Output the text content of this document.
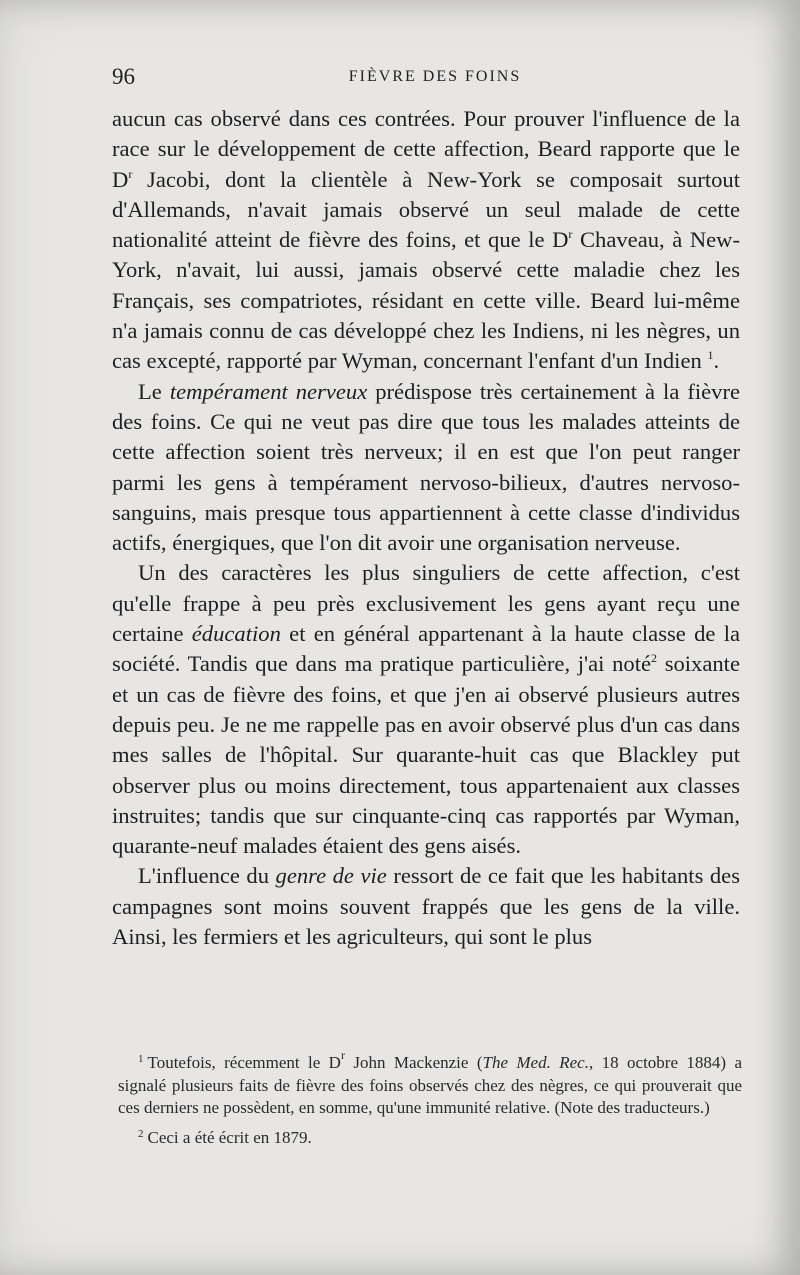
96	FIÈVRE DES FOINS

aucun cas observé dans ces contrées. Pour prouver l'influence de la race sur le développement de cette affection, Beard rapporte que le $D^r$ Jacobi, dont la clientèle à New-York se composait surtout d'Allemands, n'avait jamais observé un seul malade de cette nationalité atteint de fièvre des foins, et que le $D^r$ Chaveau, à New-York, n'avait, lui aussi, jamais observé cette maladie chez les Français, ses compatriotes, résidant en cette ville. Beard lui-même n'a jamais connu de cas développé chez les Indiens, ni les nègres, un cas excepté, rapporté par Wyman, concernant l'enfant d'un Indien $^1$.

Le tempérament nerveux prédispose très certainement à la fièvre des foins. Ce qui ne veut pas dire que tous les malades atteints de cette affection soient très nerveux; il en est que l'on peut ranger parmi les gens à tempérament nervoso-bilieux, d'autres nervoso-sanguins, mais presque tous appartiennent à cette classe d'individus actifs, énergiques, que l'on dit avoir une organisation nerveuse.

Un des caractères les plus singuliers de cette affection, c'est qu'elle frappe à peu près exclusivement les gens ayant reçu une certaine éducation et en général appartenant à la haute classe de la société. Tandis que dans ma pratique particulière, j'ai noté$^2$ soixante et un cas de fièvre des foins, et que j'en ai observé plusieurs autres depuis peu. Je ne me rappelle pas en avoir observé plus d'un cas dans mes salles de l'hôpital. Sur quarante-huit cas que Blackley put observer plus ou moins directement, tous appartenaient aux classes instruites; tandis que sur cinquante-cinq cas rapportés par Wyman, quarante-neuf malades étaient des gens aisés.

L'influence du genre de vie ressort de ce fait que les habitants des campagnes sont moins souvent frappés que les gens de la ville. Ainsi, les fermiers et les agriculteurs, qui sont le plus

$^1$ Toutefois, récemment le $D^r$ John Mackenzie (The Med. Rec., 18 octobre 1884) a signalé plusieurs faits de fièvre des foins observés chez des nègres, ce qui prouverait que ces derniers ne possèdent, en somme, qu'une immunité relative. (Note des traducteurs.)

$^2$ Ceci a été écrit en 1879.
